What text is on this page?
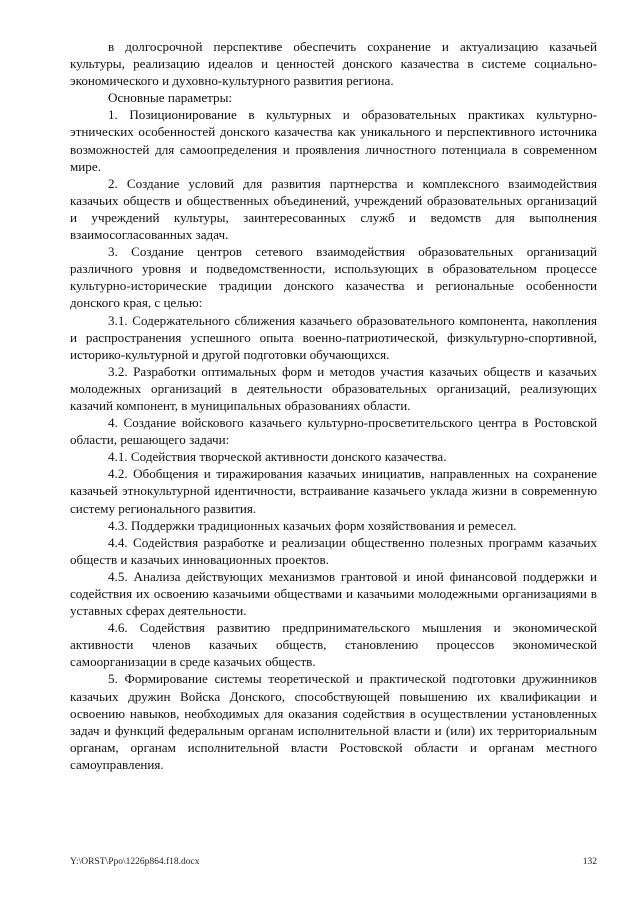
в долгосрочной перспективе обеспечить сохранение и актуализацию казачьей культуры, реализацию идеалов и ценностей донского казачества в системе социально-экономического и духовно-культурного развития региона.

Основные параметры:

1. Позиционирование в культурных и образовательных практиках культурно-этнических особенностей донского казачества как уникального и перспективного источника возможностей для самоопределения и проявления личностного потенциала в современном мире.

2. Создание условий для развития партнерства и комплексного взаимодействия казачьих обществ и общественных объединений, учреждений образовательных организаций и учреждений культуры, заинтересованных служб и ведомств для выполнения взаимосогласованных задач.

3. Создание центров сетевого взаимодействия образовательных организаций различного уровня и подведомственности, использующих в образовательном процессе культурно-исторические традиции донского казачества и региональные особенности донского края, с целью:

3.1. Содержательного сближения казачьего образовательного компонента, накопления и распространения успешного опыта военно-патриотической, физкультурно-спортивной, историко-культурной и другой подготовки обучающихся.

3.2. Разработки оптимальных форм и методов участия казачьих обществ и казачьих молодежных организаций в деятельности образовательных организаций, реализующих казачий компонент, в муниципальных образованиях области.

4. Создание войскового казачьего культурно-просветительского центра в Ростовской области, решающего задачи:

4.1. Содействия творческой активности донского казачества.

4.2. Обобщения и тиражирования казачьих инициатив, направленных на сохранение казачьей этнокультурной идентичности, встраивание казачьего уклада жизни в современную систему регионального развития.

4.3. Поддержки традиционных казачьих форм хозяйствования и ремесел.

4.4. Содействия разработке и реализации общественно полезных программ казачьих обществ и казачьих инновационных проектов.

4.5. Анализа действующих механизмов грантовой и иной финансовой поддержки и содействия их освоению казачьими обществами и казачьими молодежными организациями в уставных сферах деятельности.

4.6. Содействия развитию предпринимательского мышления и экономической активности членов казачьих обществ, становлению процессов экономической самоорганизации в среде казачьих обществ.

5. Формирование системы теоретической и практической подготовки дружинников казачьих дружин Войска Донского, способствующей повышению их квалификации и освоению навыков, необходимых для оказания содействия в осуществлении установленных задач и функций федеральным органам исполнительной власти и (или) их территориальным органам, органам исполнительной власти Ростовской области и органам местного самоуправления.

Y:\ORST\Ppo\1226p864.f18.docx	132
